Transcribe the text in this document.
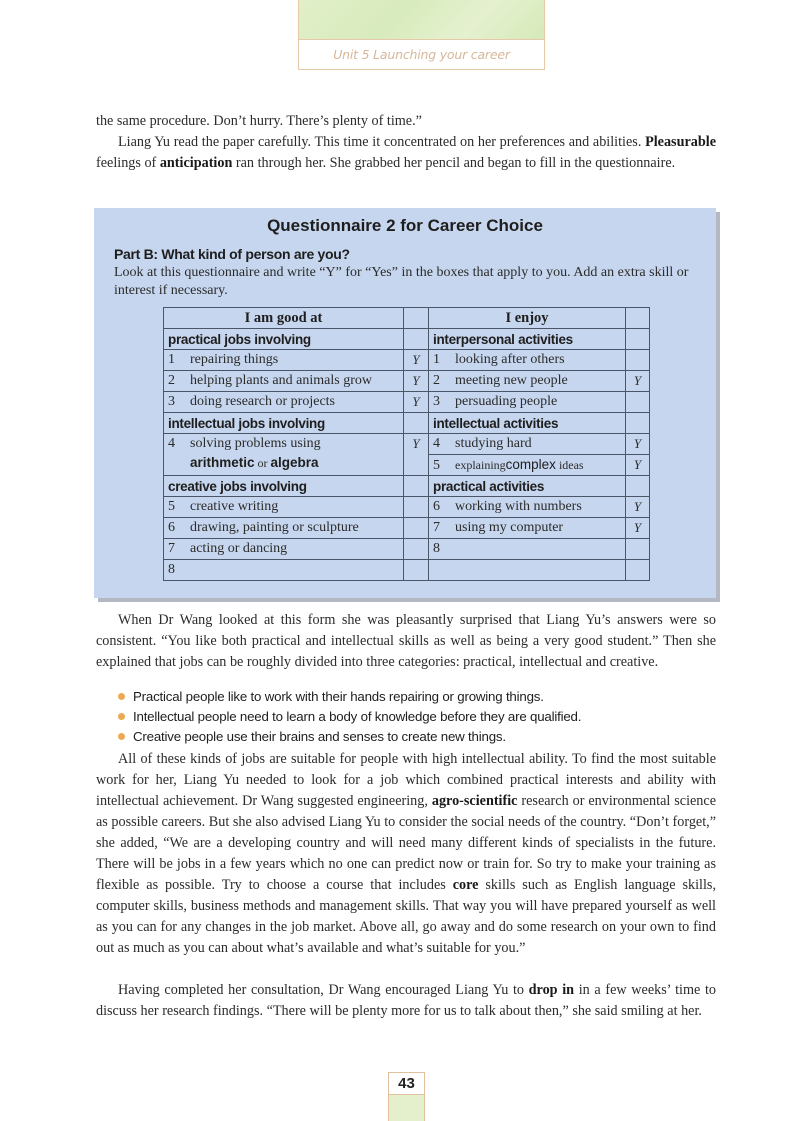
Unit 5 Launching your career
the same procedure. Don’t hurry. There’s plenty of time.”
Liang Yu read the paper carefully. This time it concentrated on her preferences and abilities. Pleasurable feelings of anticipation ran through her. She grabbed her pencil and began to fill in the questionnaire.
Questionnaire 2 for Career Choice
Part B: What kind of person are you?
Look at this questionnaire and write “Y” for “Yes” in the boxes that apply to you. Add an extra skill or interest if necessary.
I am good at		I enjoy	
practical jobs involving		interpersonal activities	
1 repairing things	Y	1 looking after others	
2 helping plants and animals grow	Y	2 meeting new people	Y
3 doing research or projects	Y	3 persuading people	
intellectual jobs involving		intellectual activities	

4 solving problems using
arithmetic or algebra	Y	4 studying hard	Y
		5 explainingcomplex ideas	Y
creative jobs involving		practical activities	
5 creative writing		6 working with numbers	Y
6 drawing, painting or sculpture		7 using my computer	Y
7 acting or dancing		8	
8			
When Dr Wang looked at this form she was pleasantly surprised that Liang Yu’s answers were so consistent. “You like both practical and intellectual skills as well as being a very good student.” Then she explained that jobs can be roughly divided into three categories: practical, intellectual and creative.
Practical people like to work with their hands repairing or growing things.
Intellectual people need to learn a body of knowledge before they are qualified.
Creative people use their brains and senses to create new things.
All of these kinds of jobs are suitable for people with high intellectual ability. To find the most suitable work for her, Liang Yu needed to look for a job which combined practical interests and ability with intellectual achievement. Dr Wang suggested engineering, agro-scientific research or environmental science as possible careers. But she also advised Liang Yu to consider the social needs of the country. “Don’t forget,” she added, “We are a developing country and will need many different kinds of specialists in the future. There will be jobs in a few years which no one can predict now or train for. So try to make your training as flexible as possible. Try to choose a course that includes core skills such as English language skills, computer skills, business methods and management skills. That way you will have prepared yourself as well as you can for any changes in the job market. Above all, go away and do some research on your own to find out as much as you can about what’s available and what’s suitable for you.”
Having completed her consultation, Dr Wang encouraged Liang Yu to drop in in a few weeks’ time to discuss her research findings. “There will be plenty more for us to talk about then,” she said smiling at her.
43
